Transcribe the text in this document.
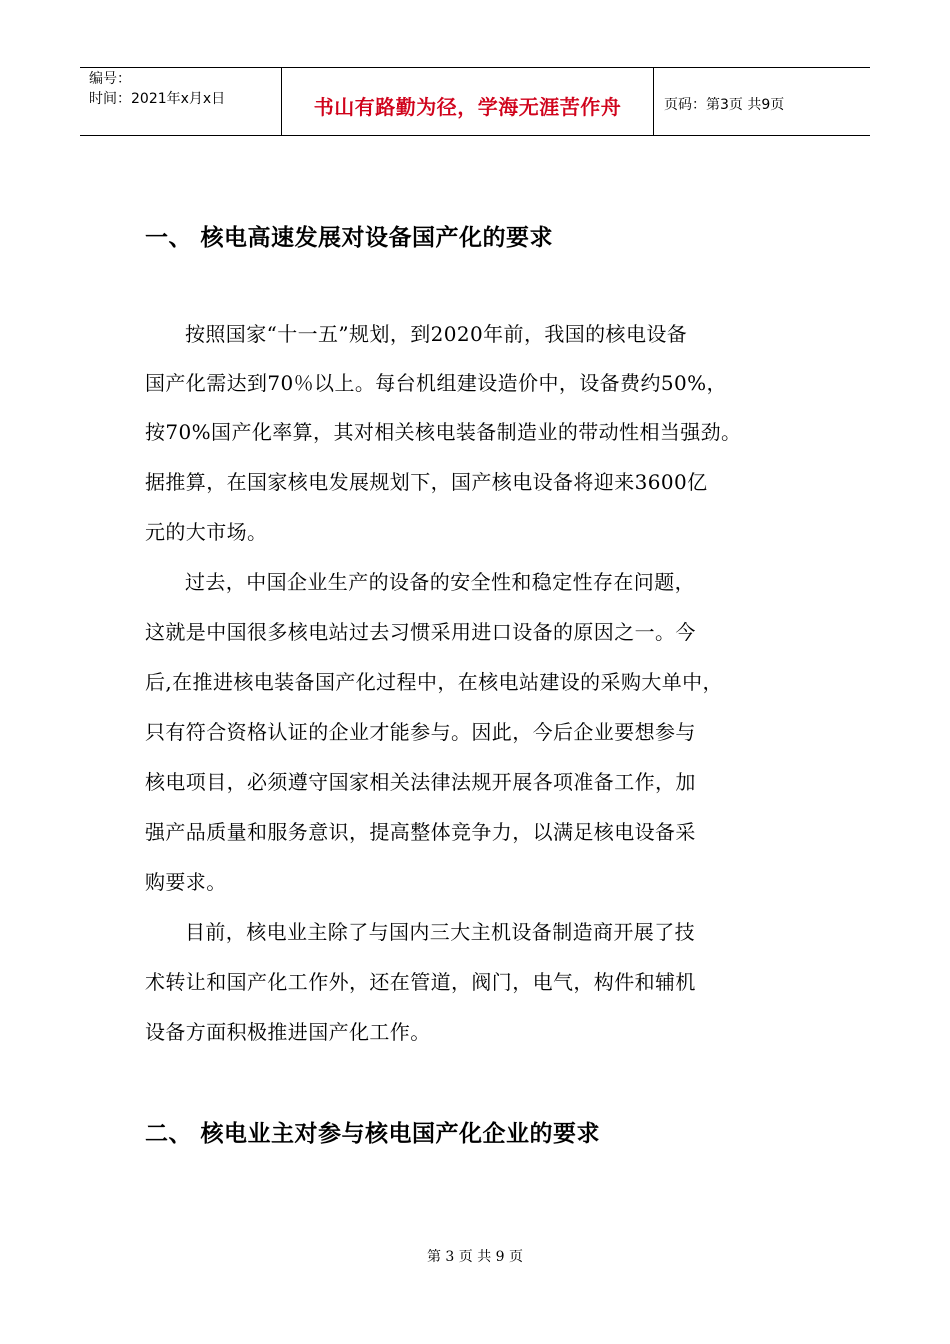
编号：
时间：2021年x月x日	书山有路勤为径，学海无涯苦作舟	页码：第3页 共9页
一、 核电高速发展对设备国产化的要求
按照国家“十一五”规划，到2020年前，我国的核电设备
国产化需达到70％以上。每台机组建设造价中，设备费约50%，
按70%国产化率算，其对相关核电装备制造业的带动性相当强劲。
据推算，在国家核电发展规划下，国产核电设备将迎来3600亿
元的大市场。
过去，中国企业生产的设备的安全性和稳定性存在问题，
这就是中国很多核电站过去习惯采用进口设备的原因之一。今
后,在推进核电装备国产化过程中，在核电站建设的采购大单中，
只有符合资格认证的企业才能参与。因此，今后企业要想参与
核电项目，必须遵守国家相关法律法规开展各项准备工作，加
强产品质量和服务意识，提高整体竞争力，以满足核电设备采
购要求。
目前，核电业主除了与国内三大主机设备制造商开展了技
术转让和国产化工作外，还在管道，阀门，电气，构件和辅机
设备方面积极推进国产化工作。
二、 核电业主对参与核电国产化企业的要求
第 3 页 共 9 页
